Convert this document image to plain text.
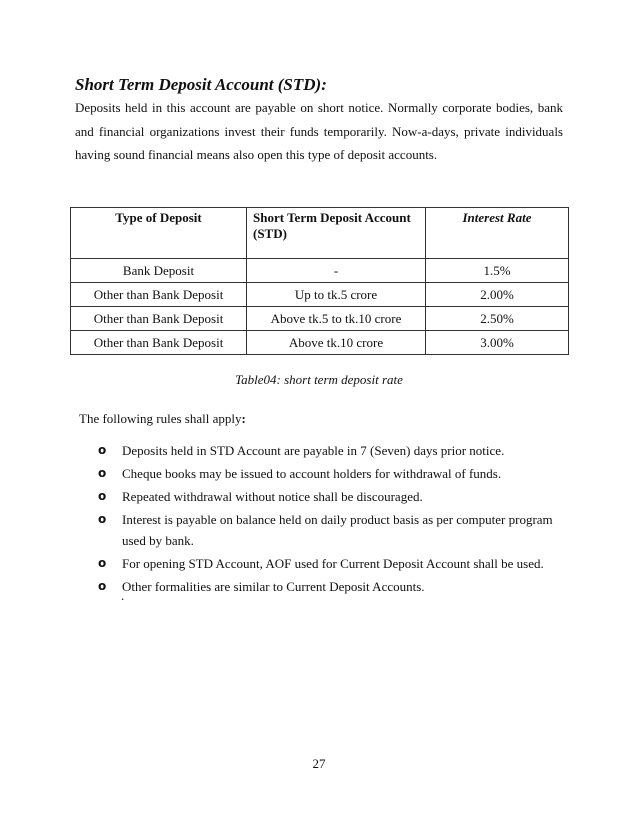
Short Term Deposit Account (STD):

Deposits held in this account are payable on short notice. Normally corporate bodies, bank and financial organizations invest their funds temporarily. Now-a-days, private individuals having sound financial means also open this type of deposit accounts.

Type of Deposit	Short Term Deposit Account (STD)	Interest Rate
Bank Deposit	-	1.5%
Other than Bank Deposit	Up to tk.5 crore	2.00%
Other than Bank Deposit	Above tk.5 to tk.10 crore	2.50%
Other than Bank Deposit	Above tk.10 crore	3.00%

Table04: short term deposit rate

The following rules shall apply:

o Deposits held in STD Account are payable in 7 (Seven) days prior notice.
o Cheque books may be issued to account holders for withdrawal of funds.
o Repeated withdrawal without notice shall be discouraged.
o Interest is payable on balance held on daily product basis as per computer program used by bank.
o For opening STD Account, AOF used for Current Deposit Account shall be used.
o Other formalities are similar to Current Deposit Accounts.

.

27
